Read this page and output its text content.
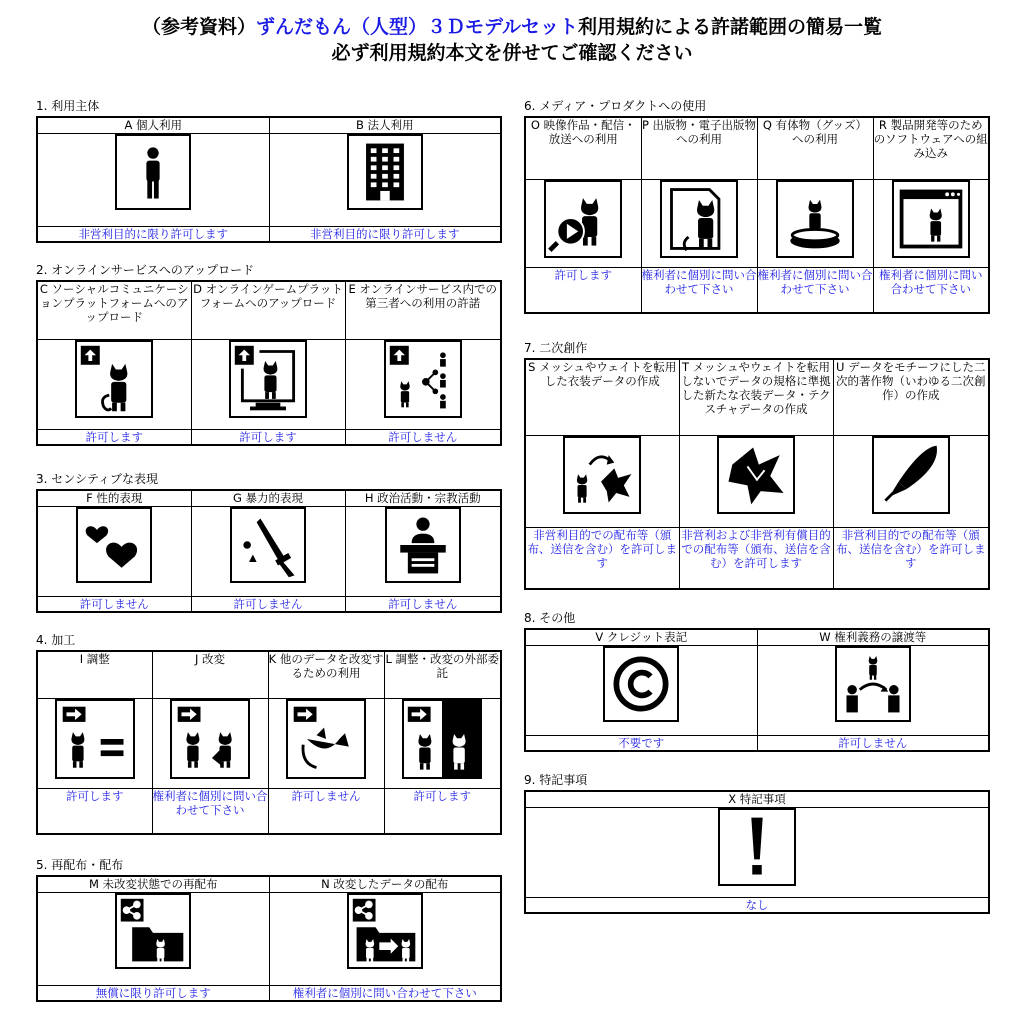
（参考資料）ずんだもん（人型）３Ｄモデルセット利用規約による許諾範囲の簡易一覧
必ず利用規約本文を併せてご確認ください
1. 利用主体
A 個人利用	B 法人利用

非営利目的に限り許可します	非営利目的に限り許可します
2. オンラインサービスへのアップロード
C ソーシャルコミュニケーションプラットフォームへのアップロード	D オンラインゲームプラットフォームへのアップロード	E オンラインサービス内での第三者への利用の許諾

許可します	許可します	許可しません
3. センシティブな表現
F 性的表現	G 暴力的表現	H 政治活動・宗教活動

許可しません	許可しません	許可しません
4. 加工
I 調整	J 改変	K 他のデータを改変するための利用	L 調整・改変の外部委託

許可します	権利者に個別に問い合わせて下さい	許可しません	許可します
5. 再配布・配布
M 未改変状態での再配布	N 改変したデータの配布

無償に限り許可します	権利者に個別に問い合わせて下さい
6. メディア・プロダクトへの使用
O 映像作品・配信・放送への利用	P 出版物・電子出版物への利用	Q 有体物（グッズ）への利用	R 製品開発等のためのソフトウェアへの組み込み

許可します	権利者に個別に問い合わせて下さい	権利者に個別に問い合わせて下さい	権利者に個別に問い合わせて下さい
7. 二次創作
S メッシュやウェイトを転用した衣装データの作成	T メッシュやウェイトを転用しないでデータの規格に準拠した新たな衣装データ・テクスチャデータの作成	U データをモチーフにした二次的著作物（いわゆる二次創作）の作成

非営利目的での配布等（頒布、送信を含む）を許可します	非営利および非営利有償目的での配布等（頒布、送信を含む）を許可します	非営利目的での配布等（頒布、送信を含む）を許可します
8. その他
V クレジット表記	W 権利義務の譲渡等

不要です	許可しません
9. 特記事項
X 特記事項

なし
